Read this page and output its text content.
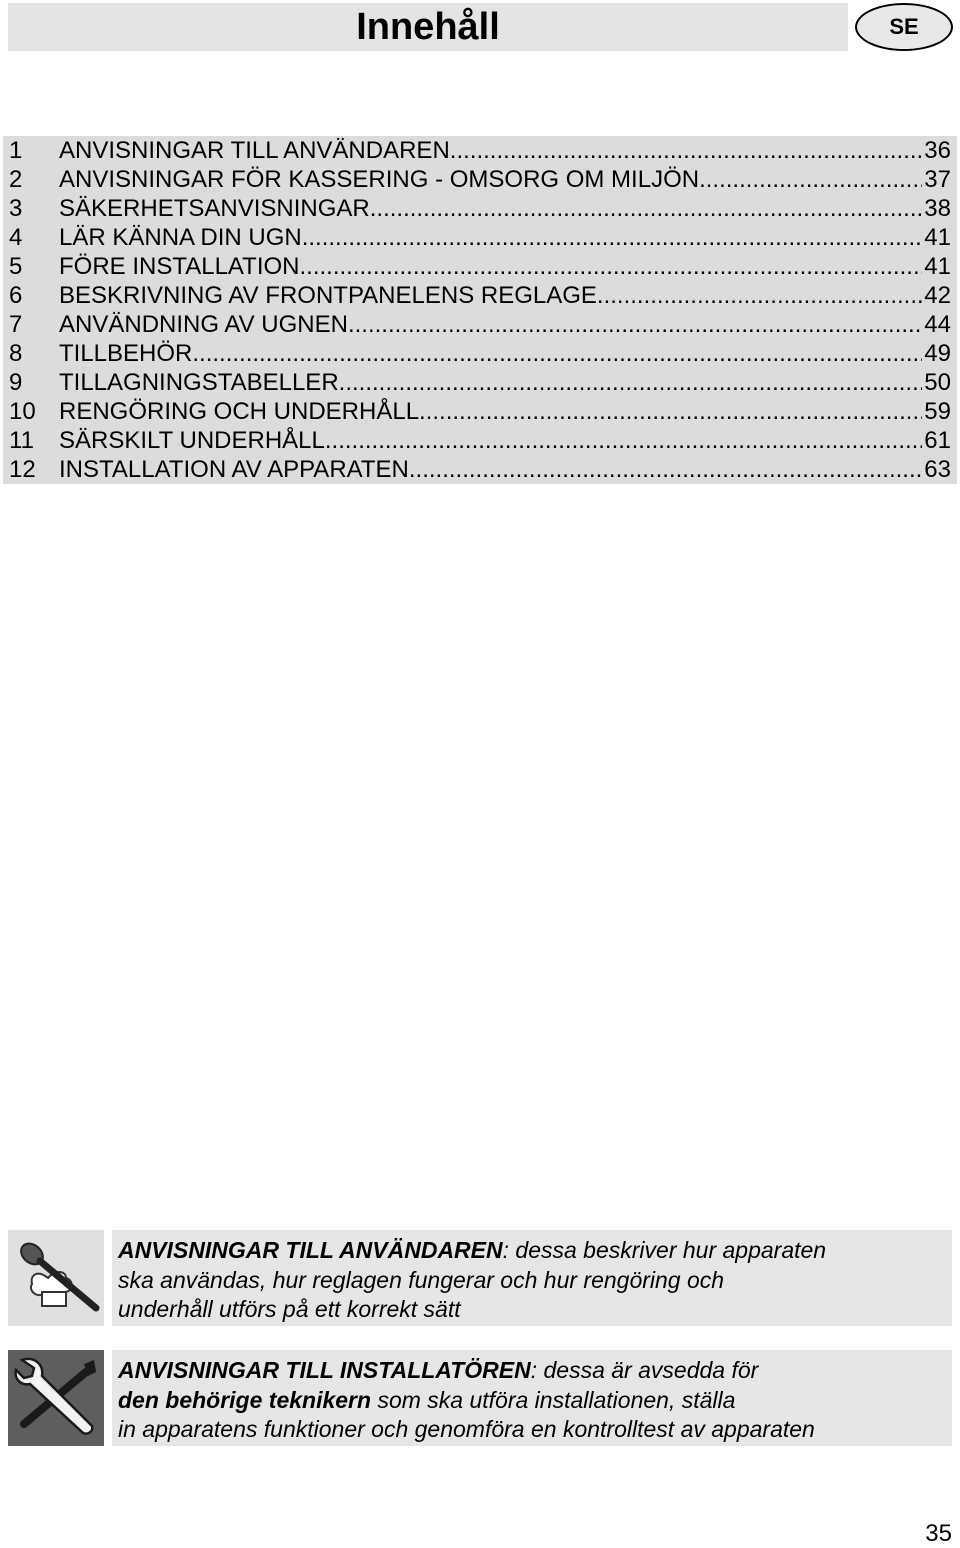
Innehåll	SE
1 ANVISNINGAR TILL ANVÄNDAREN .....	36
2 ANVISNINGAR FÖR KASSERING - OMSORG OM MILJÖN .....	37
3 SÄKERHETSANVISNINGAR .....	38
4 LÄR KÄNNA DIN UGN .....	41
5 FÖRE INSTALLATION .....	41
6 BESKRIVNING AV FRONTPANELENS REGLAGE .....	42
7 ANVÄNDNING AV UGNEN .....	44
8 TILLBEHÖR .....	49
9 TILLAGNINGSTABELLER .....	50
10 RENGÖRING OCH UNDERHÅLL .....	59
11 SÄRSKILT UNDERHÅLL .....	61
12 INSTALLATION AV APPARATEN .....	63
ANVISNINGAR TILL ANVÄNDAREN: dessa beskriver hur apparaten
ska användas, hur reglagen fungerar och hur rengöring och
underhåll utförs på ett korrekt sätt
ANVISNINGAR TILL INSTALLATÖREN: dessa är avsedda för
den behörige teknikern som ska utföra installationen, ställa
in apparatens funktioner och genomföra en kontrolltest av apparaten
35
